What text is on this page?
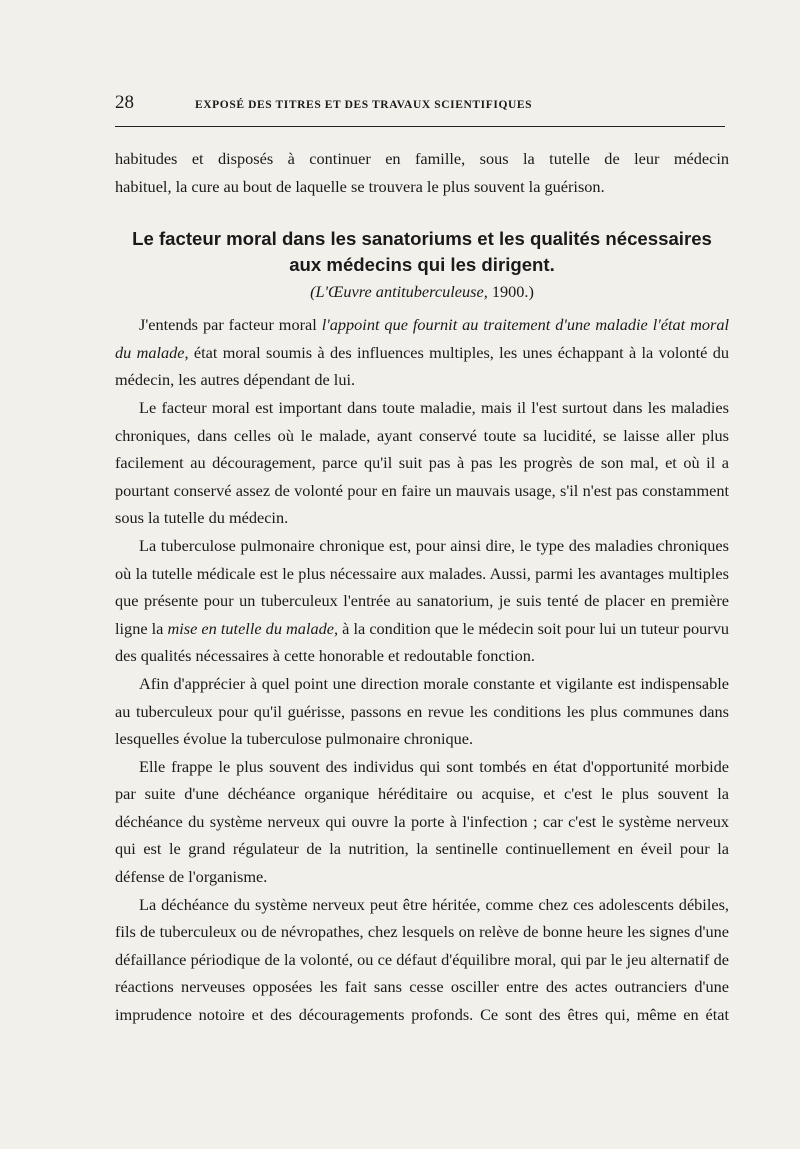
28	EXPOSÉ DES TITRES ET DES TRAVAUX SCIENTIFIQUES

habitudes et disposés à continuer en famille, sous la tutelle de leur médecin

habituel, la cure au bout de laquelle se trouvera le plus souvent la guérison.

Le facteur moral dans les sanatoriums et les qualités nécessaires
aux médecins qui les dirigent.
(L'Œuvre antituberculeuse, 1900.)

J'entends par facteur moral l'appoint que fournit au traitement d'une maladie l'état moral du malade, état moral soumis à des influences multiples, les unes échappant à la volonté du médecin, les autres dépendant de lui.

Le facteur moral est important dans toute maladie, mais il l'est surtout dans les maladies chroniques, dans celles où le malade, ayant conservé toute sa lucidité, se laisse aller plus facilement au découragement, parce qu'il suit pas à pas les progrès de son mal, et où il a pourtant conservé assez de volonté pour en faire un mauvais usage, s'il n'est pas constamment sous la tutelle du médecin.

La tuberculose pulmonaire chronique est, pour ainsi dire, le type des maladies chroniques où la tutelle médicale est le plus nécessaire aux malades. Aussi, parmi les avantages multiples que présente pour un tuberculeux l'entrée au sanatorium, je suis tenté de placer en première ligne la mise en tutelle du malade, à la condition que le médecin soit pour lui un tuteur pourvu des qualités nécessaires à cette honorable et redoutable fonction.

Afin d'apprécier à quel point une direction morale constante et vigilante est indispensable au tuberculeux pour qu'il guérisse, passons en revue les conditions les plus communes dans lesquelles évolue la tuberculose pulmonaire chronique.

Elle frappe le plus souvent des individus qui sont tombés en état d'opportunité morbide par suite d'une déchéance organique héréditaire ou acquise, et c'est le plus souvent la déchéance du système nerveux qui ouvre la porte à l'infection ; car c'est le système nerveux qui est le grand régulateur de la nutrition, la sentinelle continuellement en éveil pour la défense de l'organisme.

La déchéance du système nerveux peut être héritée, comme chez ces adolescents débiles, fils de tuberculeux ou de névropathes, chez lesquels on relève de bonne heure les signes d'une défaillance périodique de la volonté, ou ce défaut d'équilibre moral, qui par le jeu alternatif de réactions nerveuses opposées les fait sans cesse osciller entre des actes outranciers d'une imprudence notoire et des découragements profonds. Ce sont des êtres qui, même en état
